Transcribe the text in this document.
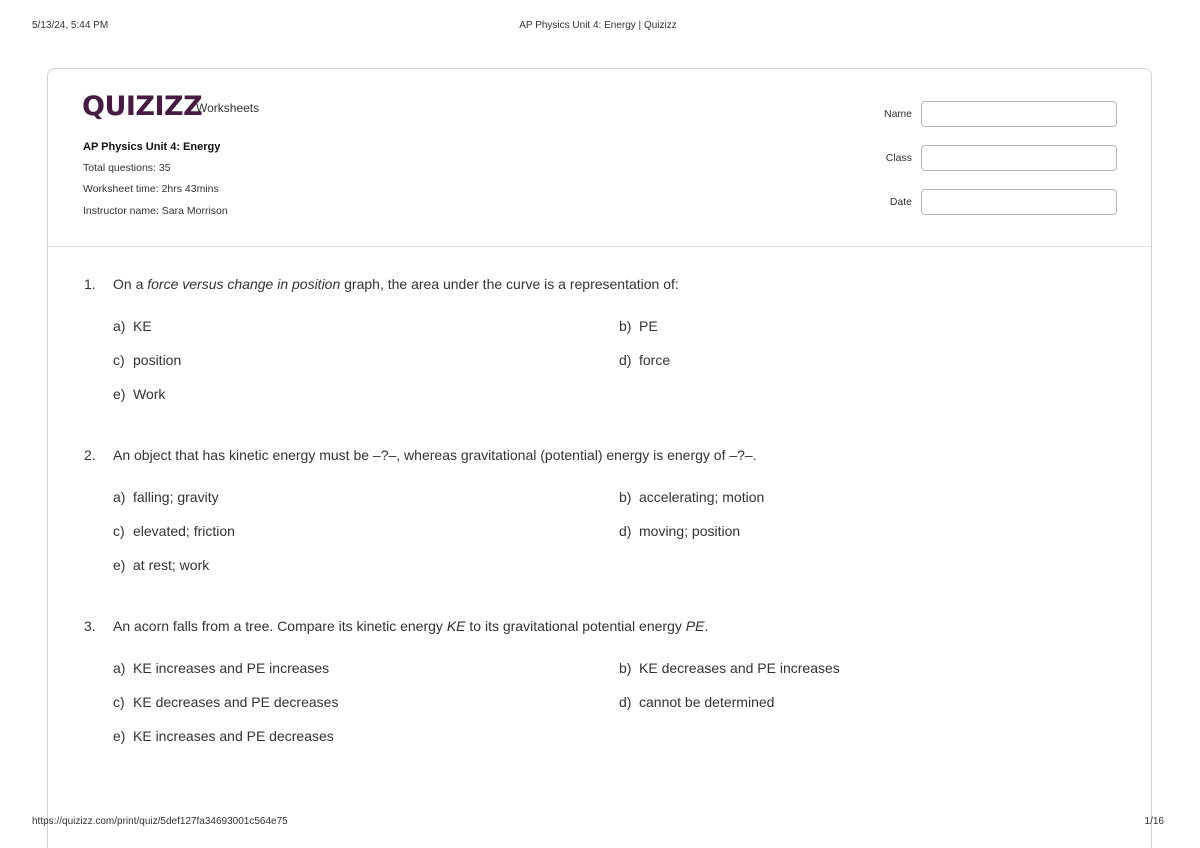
5/13/24, 5:44 PM	AP Physics Unit 4: Energy | Quizizz
QUIZIZZ
Worksheets
AP Physics Unit 4: Energy
Total questions: 35
Worksheet time: 2hrs 43mins
Instructor name: Sara Morrison
Name
Class
Date
1. On a force versus change in position graph, the area under the curve is a representation of:
a) KE	b) PE
c) position	d) force
e) Work
2. An object that has kinetic energy must be –?–, whereas gravitational (potential) energy is energy of –?–.
a) falling; gravity	b) accelerating; motion
c) elevated; friction	d) moving; position
e) at rest; work
3. An acorn falls from a tree. Compare its kinetic energy KE to its gravitational potential energy PE.
a) KE increases and PE increases	b) KE decreases and PE increases
c) KE decreases and PE decreases	d) cannot be determined
e) KE increases and PE decreases
https://quizizz.com/print/quiz/5def127fa34693001c564e75	1/16
